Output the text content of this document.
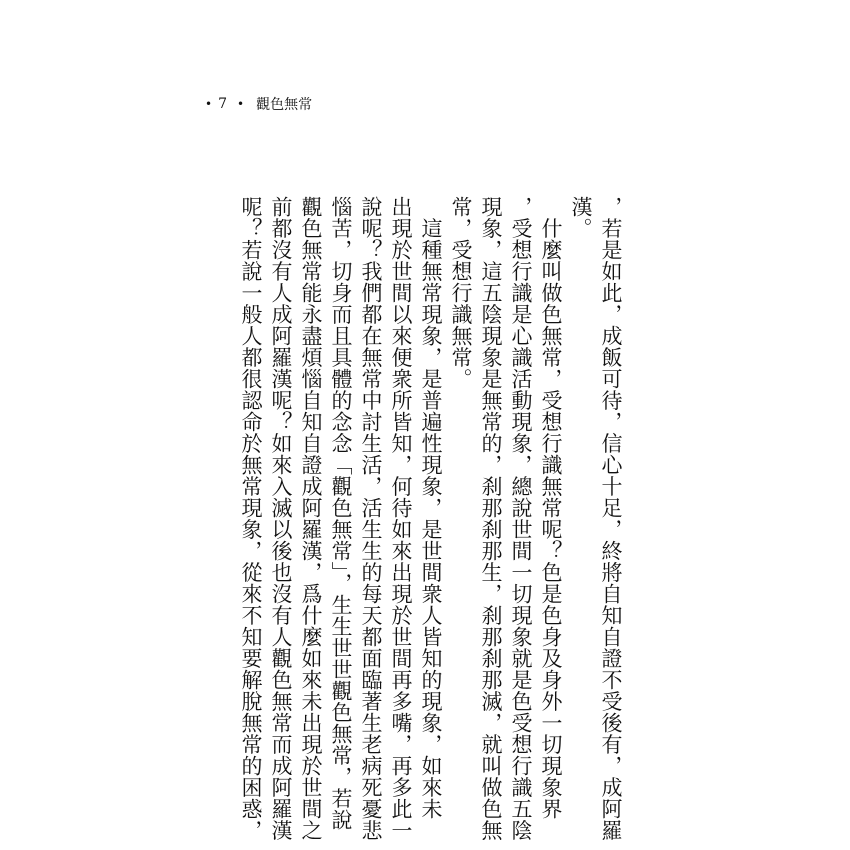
• 7 • 觀色無常
，若是如此，成飯可待，信心十足，終將自知自證不受後有，成阿羅
漢。
　什麼叫做色無常，受想行識無常呢？色是色身及身外一切現象界
，受想行識是心識活動現象，總說世間一切現象就是色受想行識五陰
現象，這五陰現象是無常的，刹那刹那生，刹那刹那滅，就叫做色無
常，受想行識無常。
　這種無常現象，是普遍性現象，是世間衆人皆知的現象，如來未
出現於世間以來便衆所皆知，何待如來出現於世間再多嘴，再多此一
說呢？我們都在無常中討生活，活生生的每天都面臨著生老病死憂悲
惱苦，切身而且具體的念念「觀色無常」，生生世世觀色無常，若說
觀色無常能永盡煩惱自知自證成阿羅漢，爲什麼如來未出現於世間之
前都沒有人成阿羅漢呢？如來入滅以後也沒有人觀色無常而成阿羅漢
呢？若說一般人都很認命於無常現象，從來不知要解脫無常的困惑，
